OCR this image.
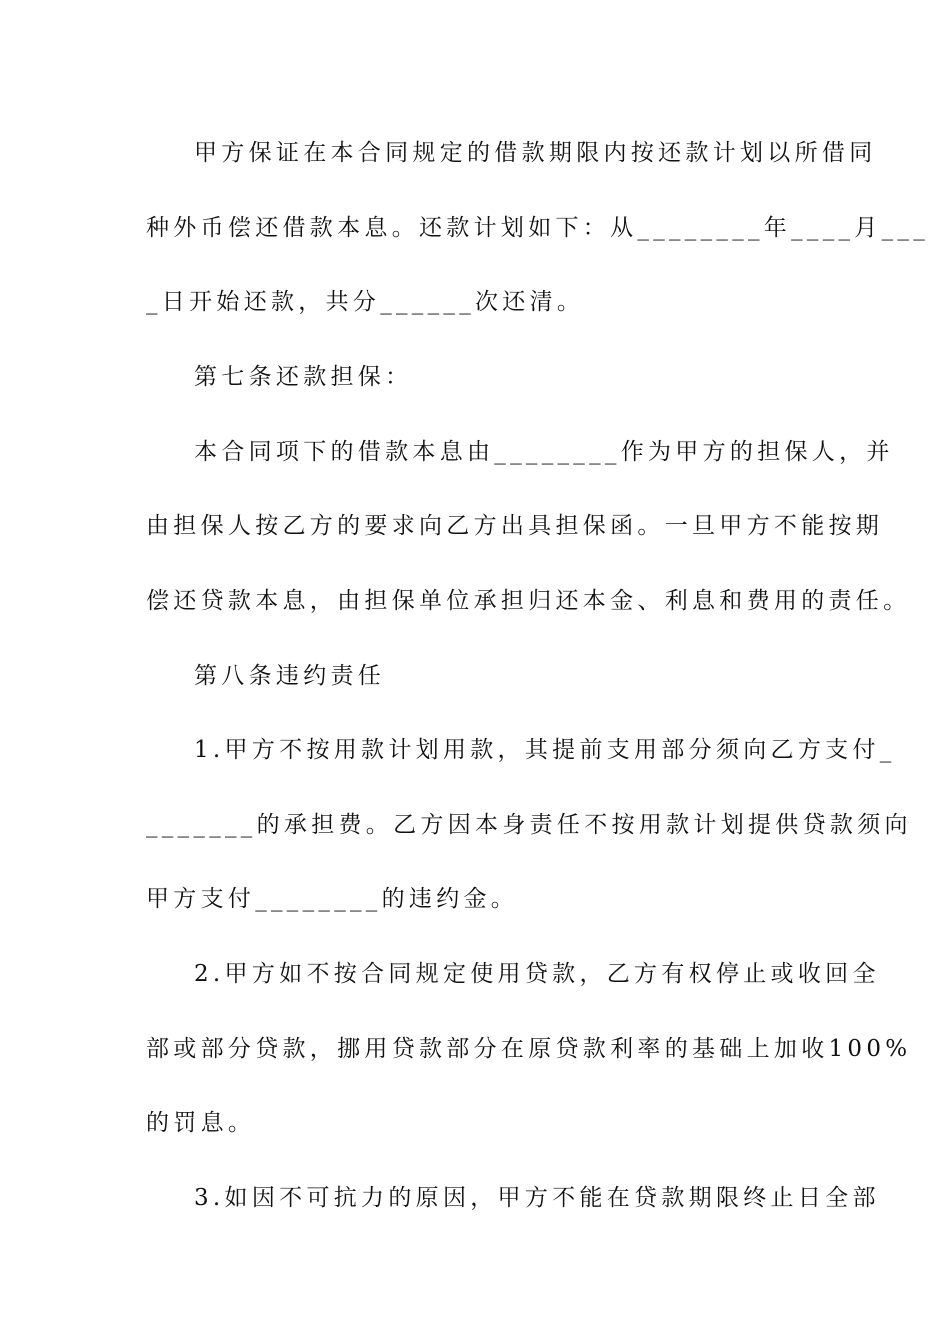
甲方保证在本合同规定的借款期限内按还款计划以所借同
种外币偿还借款本息。还款计划如下：从________年____月___
_日开始还款，共分______次还清。
第七条还款担保：
本合同项下的借款本息由________作为甲方的担保人，并
由担保人按乙方的要求向乙方出具担保函。一旦甲方不能按期
偿还贷款本息，由担保单位承担归还本金、利息和费用的责任。
第八条违约责任
1.甲方不按用款计划用款，其提前支用部分须向乙方支付_
_______的承担费。乙方因本身责任不按用款计划提供贷款须向
甲方支付________的违约金。
2.甲方如不按合同规定使用贷款，乙方有权停止或收回全
部或部分贷款，挪用贷款部分在原贷款利率的基础上加收100%
的罚息。
3.如因不可抗力的原因，甲方不能在贷款期限终止日全部
